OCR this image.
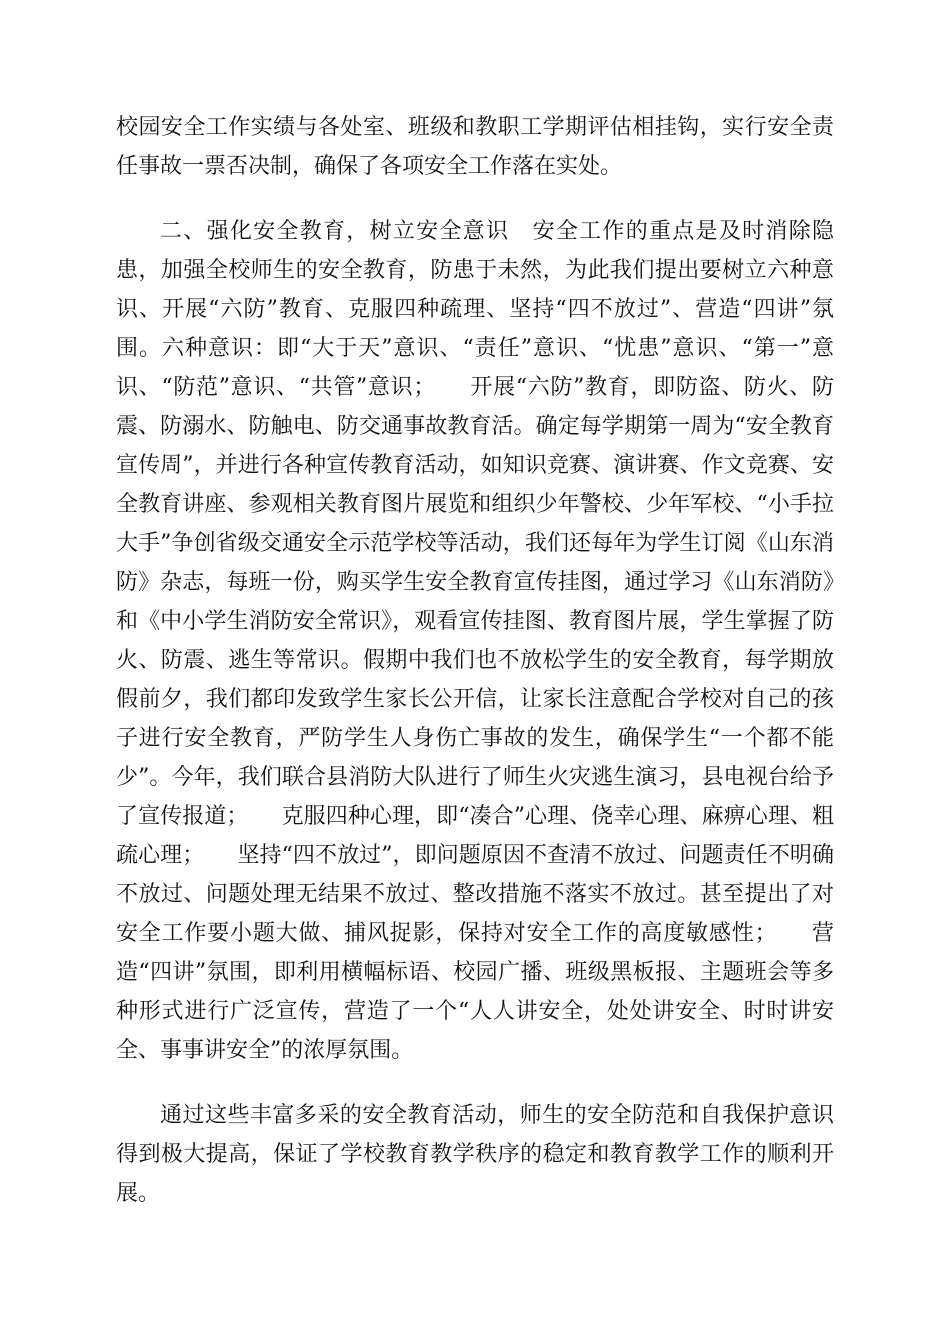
校园安全工作实绩与各处室、班级和教职工学期评估相挂钩，实行安全责任事故一票否决制，确保了各项安全工作落在实处。

二、强化安全教育，树立安全意识　安全工作的重点是及时消除隐患，加强全校师生的安全教育，防患于未然，为此我们提出要树立六种意识、开展“六防”教育、克服四种疏理、坚持“四不放过”、营造“四讲”氛围。六种意识：即“大于天”意识、“责任”意识、“忧患”意识、“第一”意识、“防范”意识、“共管”意识；　　开展“六防”教育，即防盗、防火、防震、防溺水、防触电、防交通事故教育活。确定每学期第一周为“安全教育宣传周”，并进行各种宣传教育活动，如知识竞赛、演讲赛、作文竞赛、安全教育讲座、参观相关教育图片展览和组织少年警校、少年军校、“小手拉大手”争创省级交通安全示范学校等活动，我们还每年为学生订阅《山东消防》杂志，每班一份，购买学生安全教育宣传挂图，通过学习《山东消防》和《中小学生消防安全常识》，观看宣传挂图、教育图片展，学生掌握了防火、防震、逃生等常识。假期中我们也不放松学生的安全教育，每学期放假前夕，我们都印发致学生家长公开信，让家长注意配合学校对自己的孩子进行安全教育，严防学生人身伤亡事故的发生，确保学生“一个都不能少”。今年，我们联合县消防大队进行了师生火灾逃生演习，县电视台给予了宣传报道；　　克服四种心理，即“凑合”心理、侥幸心理、麻痹心理、粗疏心理；　　坚持“四不放过”，即问题原因不查清不放过、问题责任不明确不放过、问题处理无结果不放过、整改措施不落实不放过。甚至提出了对安全工作要小题大做、捕风捉影，保持对安全工作的高度敏感性；　　营造“四讲”氛围，即利用横幅标语、校园广播、班级黑板报、主题班会等多种形式进行广泛宣传，营造了一个“人人讲安全，处处讲安全、时时讲安全、事事讲安全”的浓厚氛围。

通过这些丰富多采的安全教育活动，师生的安全防范和自我保护意识得到极大提高，保证了学校教育教学秩序的稳定和教育教学工作的顺利开展。
